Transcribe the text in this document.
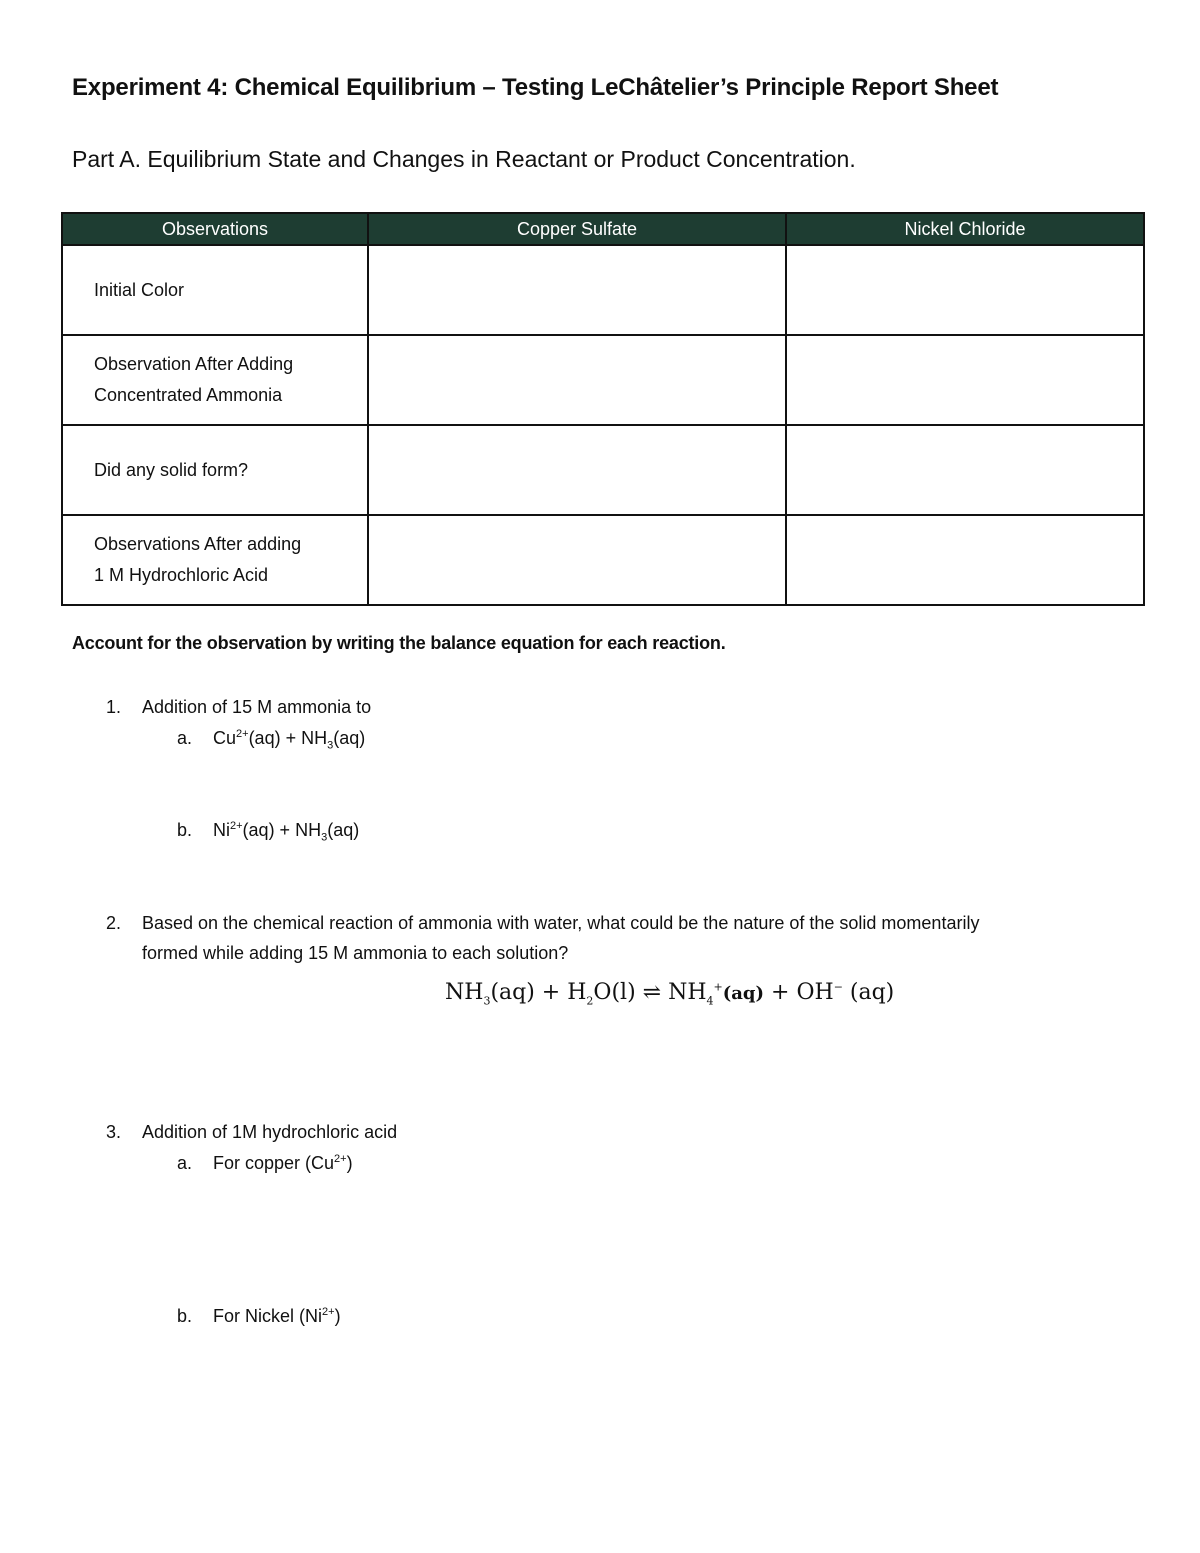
Experiment 4: Chemical Equilibrium – Testing LeChâtelier’s Principle Report Sheet
Part A. Equilibrium State and Changes in Reactant or Product Concentration.
Observations	Copper Sulfate	Nickel Chloride

Initial Color		

Observation After Adding
Concentrated Ammonia		

Did any solid form?		

Observations After adding
1 M Hydrochloric Acid		

Account for the observation by writing the balance equation for each reaction.
1. Addition of 15 M ammonia to
a. $Cu^{2+}(aq) + NH_3(aq)$
b. $Ni^{2+}(aq) + NH_3(aq)$
2. Based on the chemical reaction of ammonia with water, what could be the nature of the solid momentarily
formed while adding 15 M ammonia to each solution?
$NH_3(aq) + H_2O(l)$ ⇌ $NH_4^+(aq) + OH^-$ (aq)
3. Addition of 1M hydrochloric acid
a. For copper $(Cu^{2+})$
b. For Nickel $(Ni^{2+})$
